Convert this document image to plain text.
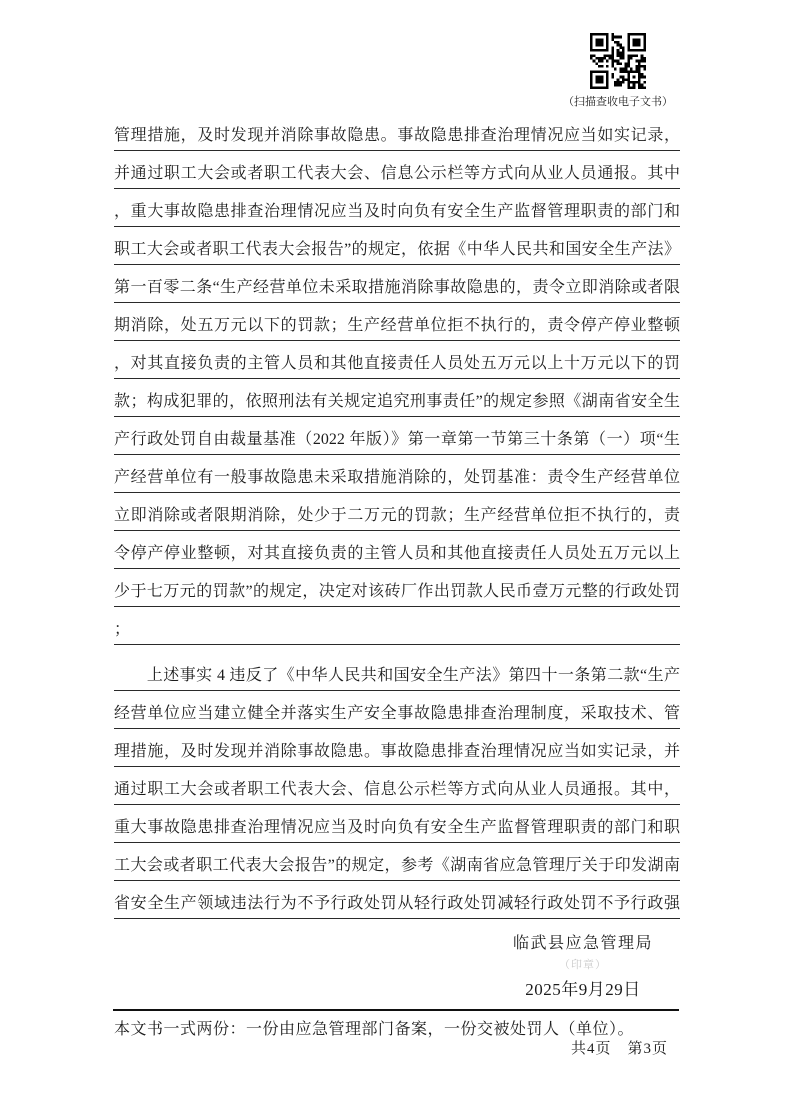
（扫描查收电子文书）
管理措施，及时发现并消除事故隐患。事故隐患排查治理情况应当如实记录，
并通过职工大会或者职工代表大会、信息公示栏等方式向从业人员通报。其中
，重大事故隐患排查治理情况应当及时向负有安全生产监督管理职责的部门和
职工大会或者职工代表大会报告”的规定，依据《中华人民共和国安全生产法》
第一百零二条“生产经营单位未采取措施消除事故隐患的，责令立即消除或者限
期消除，处五万元以下的罚款；生产经营单位拒不执行的，责令停产停业整顿
，对其直接负责的主管人员和其他直接责任人员处五万元以上十万元以下的罚
款；构成犯罪的，依照刑法有关规定追究刑事责任”的规定参照《湖南省安全生
产行政处罚自由裁量基准（2022 年版）》第一章第一节第三十条第（一）项“生
产经营单位有一般事故隐患未采取措施消除的，处罚基准：责令生产经营单位
立即消除或者限期消除，处少于二万元的罚款；生产经营单位拒不执行的，责
令停产停业整顿，对其直接负责的主管人员和其他直接责任人员处五万元以上
少于七万元的罚款”的规定，决定对该砖厂作出罚款人民币壹万元整的行政处罚
；
　　上述事实 4 违反了《中华人民共和国安全生产法》第四十一条第二款“生产
经营单位应当建立健全并落实生产安全事故隐患排查治理制度，采取技术、管
理措施，及时发现并消除事故隐患。事故隐患排查治理情况应当如实记录，并
通过职工大会或者职工代表大会、信息公示栏等方式向从业人员通报。其中，
重大事故隐患排查治理情况应当及时向负有安全生产监督管理职责的部门和职
工大会或者职工代表大会报告”的规定，参考《湖南省应急管理厅关于印发湖南
省安全生产领域违法行为不予行政处罚从轻行政处罚减轻行政处罚不予行政强
临武县应急管理局
（印章）
2025年9月29日
本文书一式两份：一份由应急管理部门备案，一份交被处罚人（单位）。
共4页　第3页
